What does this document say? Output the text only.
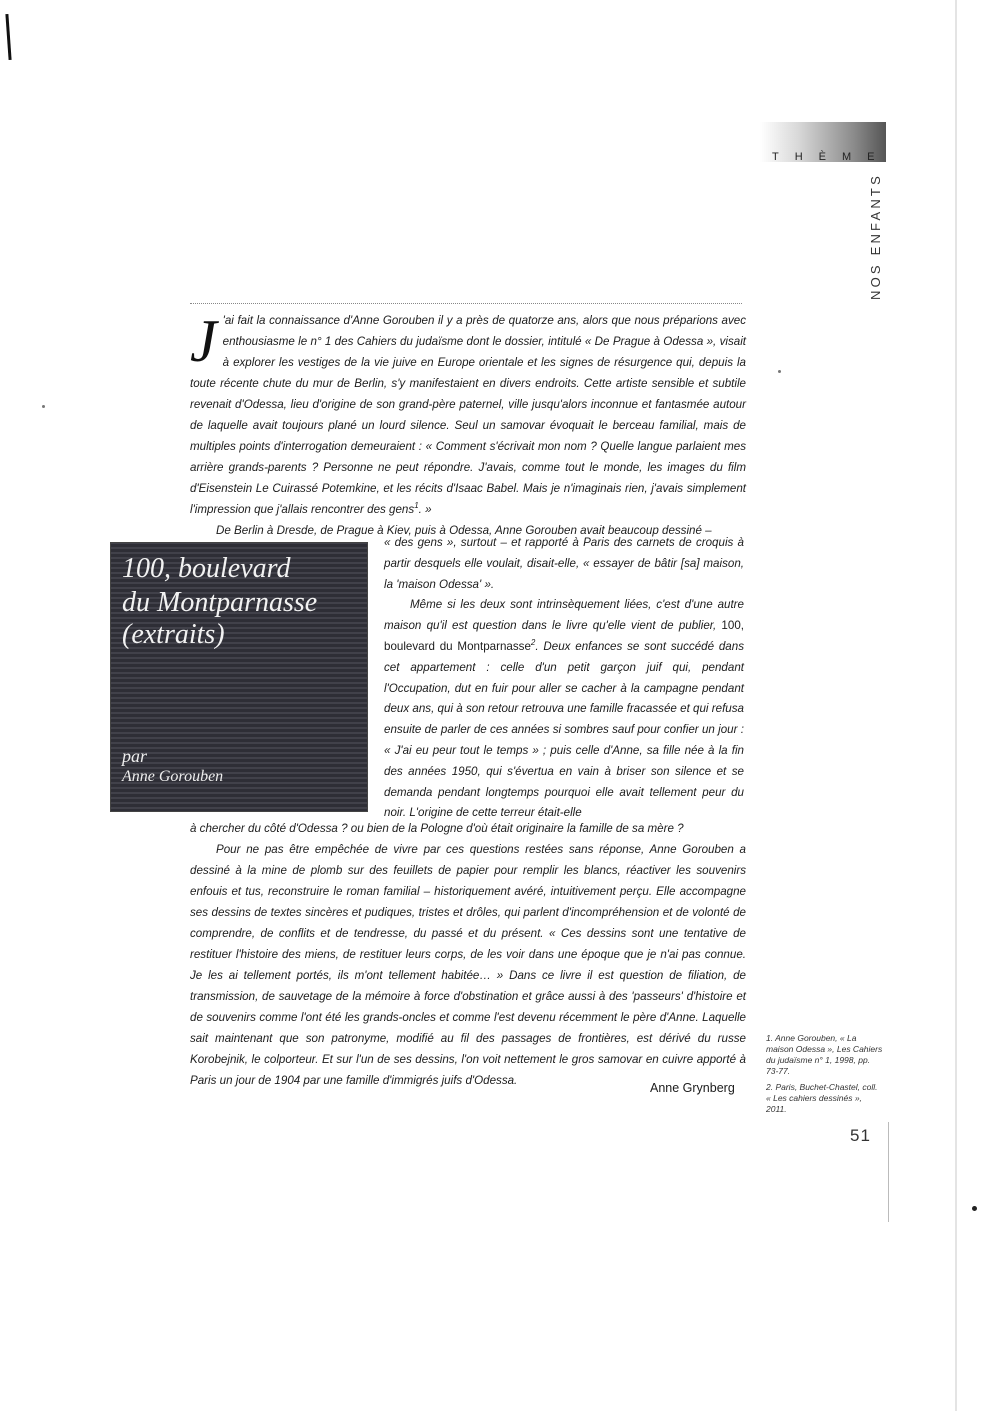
THÈME
NOS ENFANTS

J 'ai fait la connaissance d'Anne Gorouben il y a près de quatorze ans, alors que nous préparions avec enthousiasme le n° 1 des Cahiers du judaïsme dont le dossier, intitulé « De Prague à Odessa », visait à explorer les vestiges de la vie juive en Europe orientale et les signes de résurgence qui, depuis la toute récente chute du mur de Berlin, s'y manifestaient en divers endroits. Cette artiste sensible et subtile revenait d'Odessa, lieu d'origine de son grand-père paternel, ville jusqu'alors inconnue et fantasmée autour de laquelle avait toujours plané un lourd silence. Seul un samovar évoquait le berceau familial, mais de multiples points d'interrogation demeuraient : « Comment s'écrivait mon nom ? Quelle langue parlaient mes arrière grands-parents ? Personne ne peut répondre. J'avais, comme tout le monde, les images du film d'Eisenstein Le Cuirassé Potemkine, et les récits d'Isaac Babel. Mais je n'imaginais rien, j'avais simplement l'impression que j'allais rencontrer des gens$^1$. »

De Berlin à Dresde, de Prague à Kiev, puis à Odessa, Anne Gorouben avait beaucoup dessiné –

100, boulevard
du Montparnasse
(extraits)
par
Anne Gorouben

« des gens », surtout – et rapporté à Paris des carnets de croquis à partir desquels elle voulait, disait-elle, « essayer de bâtir [sa] maison, la 'maison Odessa' ».

Même si les deux sont intrinsèquement liées, c'est d'une autre maison qu'il est question dans le livre qu'elle vient de publier, 100, boulevard du Montparnasse$^2$. Deux enfances se sont succédé dans cet appartement : celle d'un petit garçon juif qui, pendant l'Occupation, dut en fuir pour aller se cacher à la campagne pendant deux ans, qui à son retour retrouva une famille fracassée et qui refusa ensuite de parler de ces années si sombres sauf pour confier un jour : « J'ai eu peur tout le temps » ; puis celle d'Anne, sa fille née à la fin des années 1950, qui s'évertua en vain à briser son silence et se demanda pendant longtemps pourquoi elle avait tellement peur du noir. L'origine de cette terreur était-elle

à chercher du côté d'Odessa ? ou bien de la Pologne d'où était originaire la famille de sa mère ?

Pour ne pas être empêchée de vivre par ces questions restées sans réponse, Anne Gorouben a dessiné à la mine de plomb sur des feuillets de papier pour remplir les blancs, réactiver les souvenirs enfouis et tus, reconstruire le roman familial – historiquement avéré, intuitivement perçu. Elle accompagne ses dessins de textes sincères et pudiques, tristes et drôles, qui parlent d'incompréhension et de volonté de comprendre, de conflits et de tendresse, du passé et du présent. « Ces dessins sont une tentative de restituer l'histoire des miens, de restituer leurs corps, de les voir dans une époque que je n'ai pas connue. Je les ai tellement portés, ils m'ont tellement habitée… » Dans ce livre il est question de filiation, de transmission, de sauvetage de la mémoire à force d'obstination et grâce aussi à des 'passeurs' d'histoire et de souvenirs comme l'ont été les grands-oncles et comme l'est devenu récemment le père d'Anne. Laquelle sait maintenant que son patronyme, modifié au fil des passages de frontières, est dérivé du russe Korobejnik, le colporteur. Et sur l'un de ses dessins, l'on voit nettement le gros samovar en cuivre apporté à Paris un jour de 1904 par une famille d'immigrés juifs d'Odessa.

Anne Grynberg

1. Anne Gorouben, « La maison Odessa », Les Cahiers du judaïsme n° 1, 1998, pp. 73-77.

2. Paris, Buchet-Chastel, coll. « Les cahiers dessinés », 2011.

51
